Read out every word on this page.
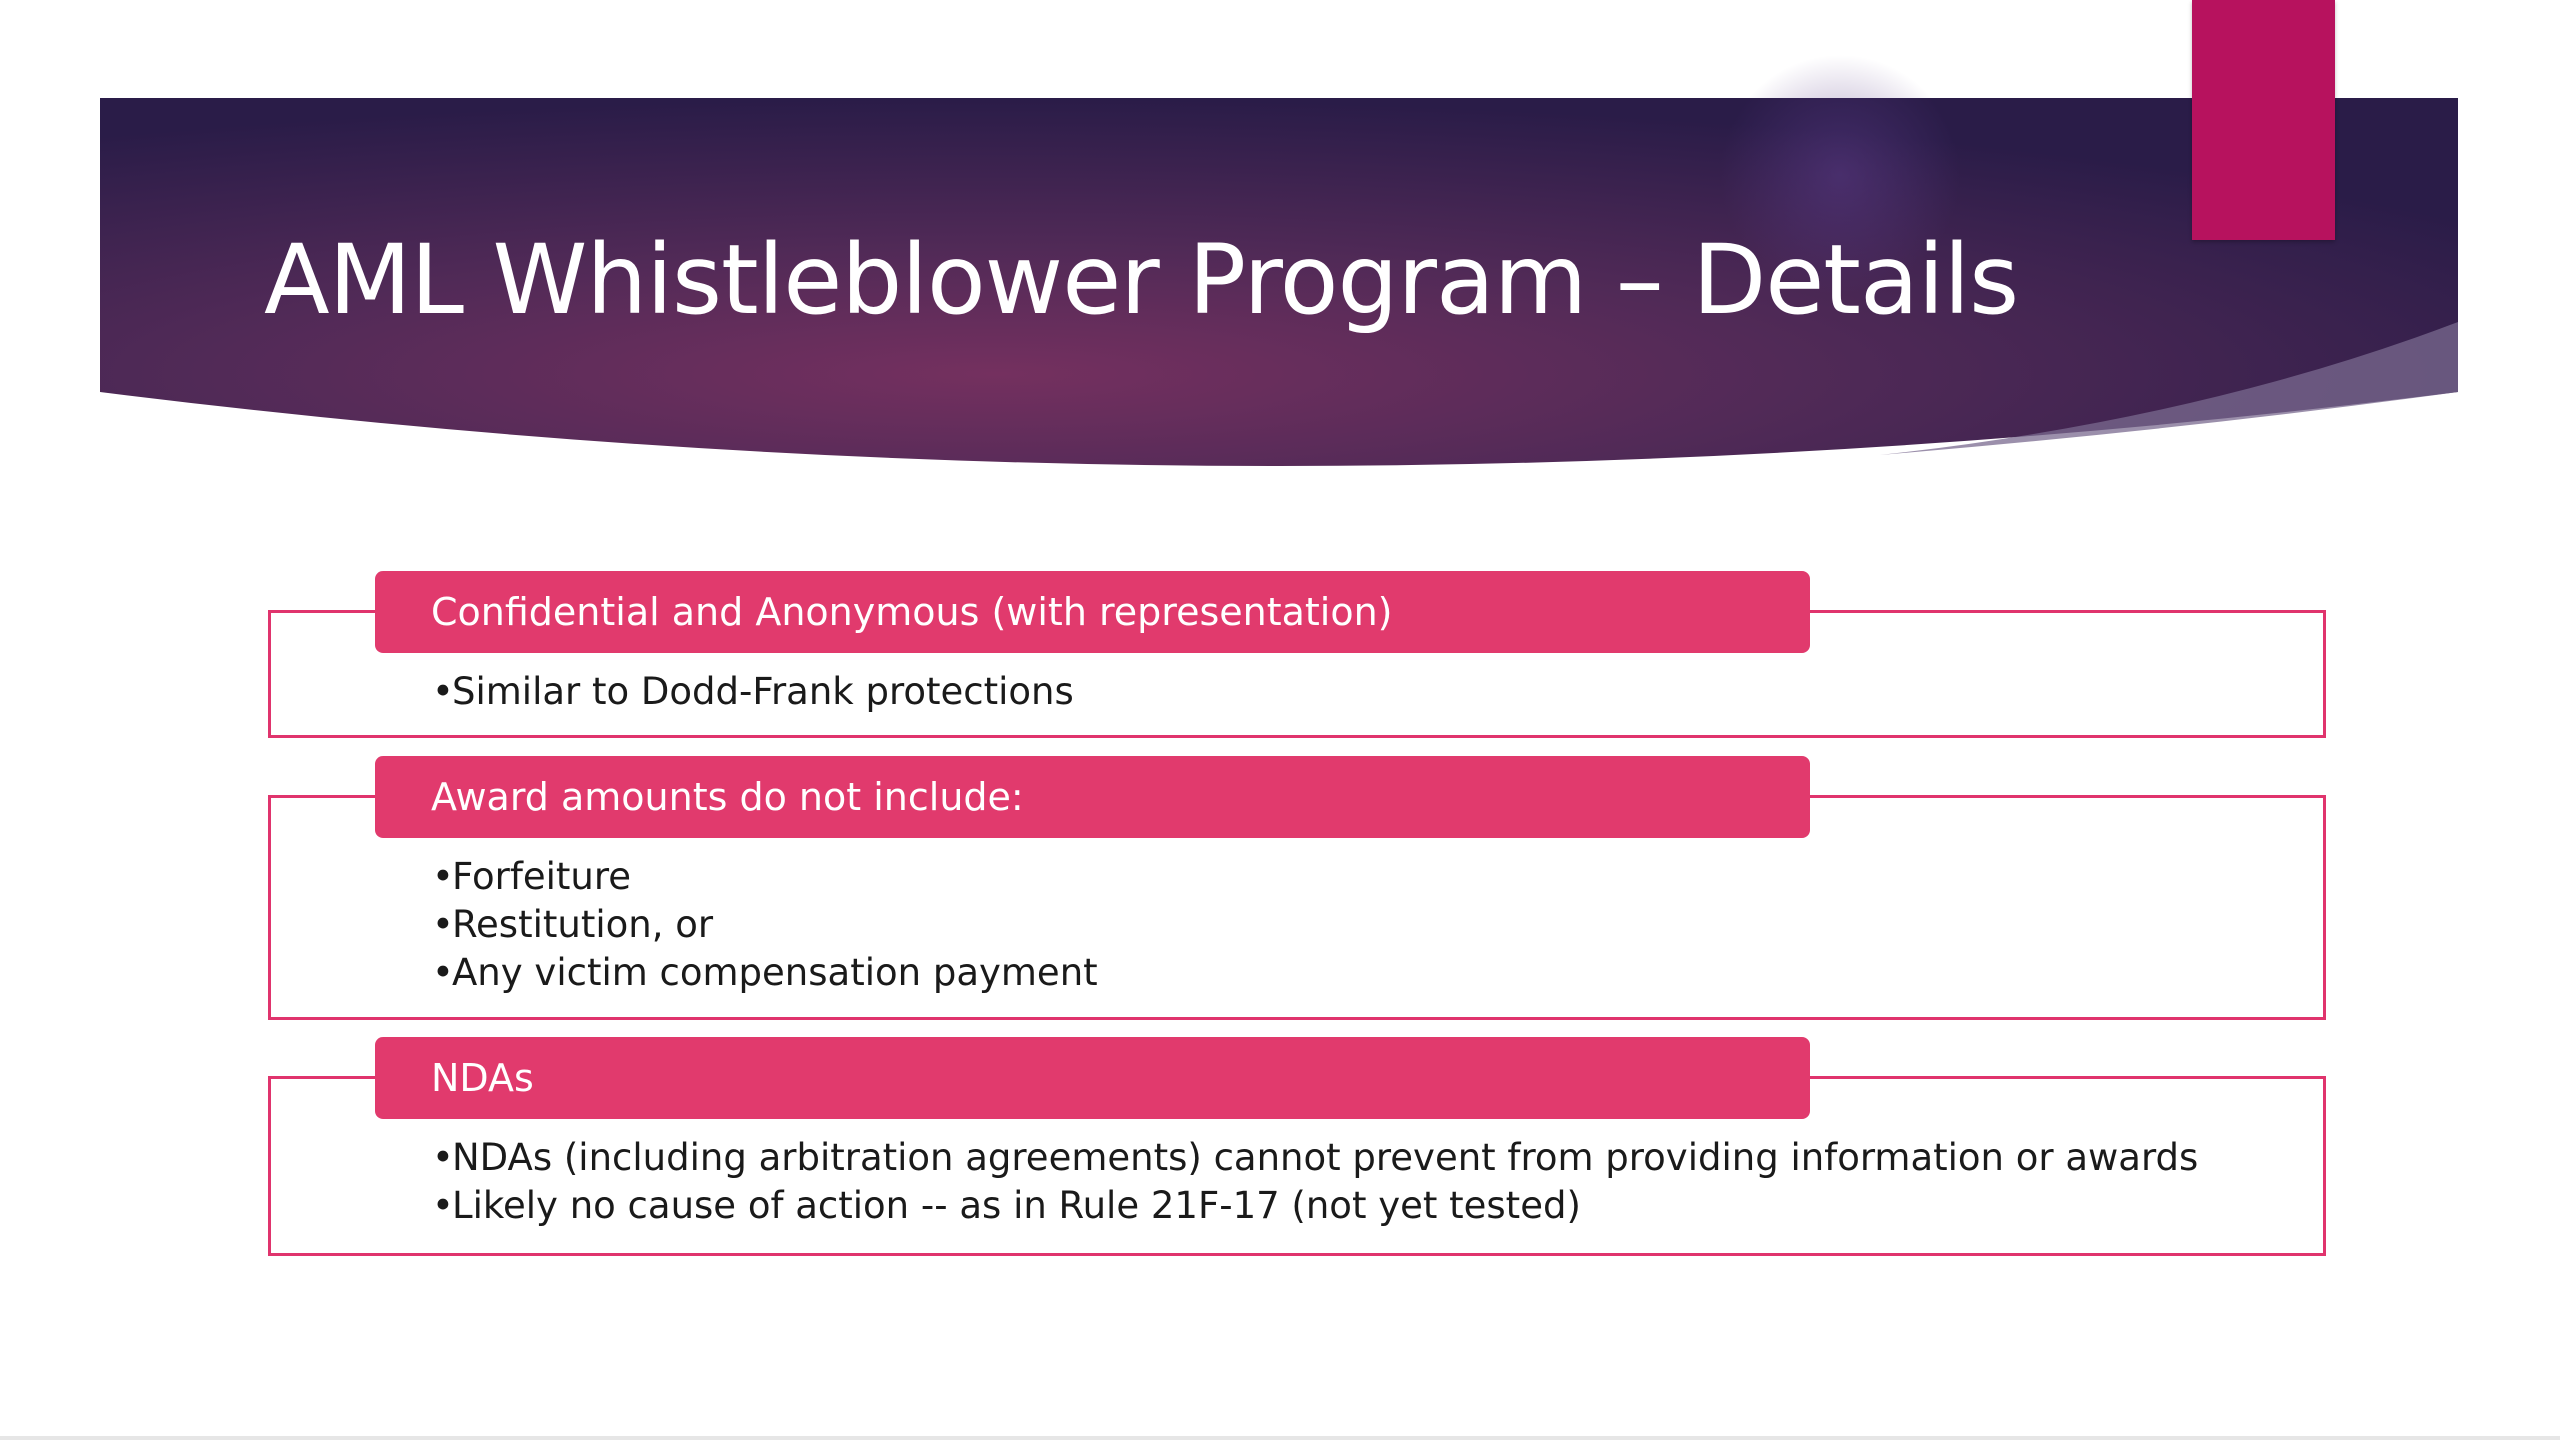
AML Whistleblower Program – Details
Confidential and Anonymous (with representation)
•Similar to Dodd-Frank protections
Award amounts do not include:
•Forfeiture
•Restitution, or
•Any victim compensation payment
NDAs
•NDAs (including arbitration agreements) cannot prevent from providing information or awards
•Likely no cause of action -- as in Rule 21F-17 (not yet tested)
